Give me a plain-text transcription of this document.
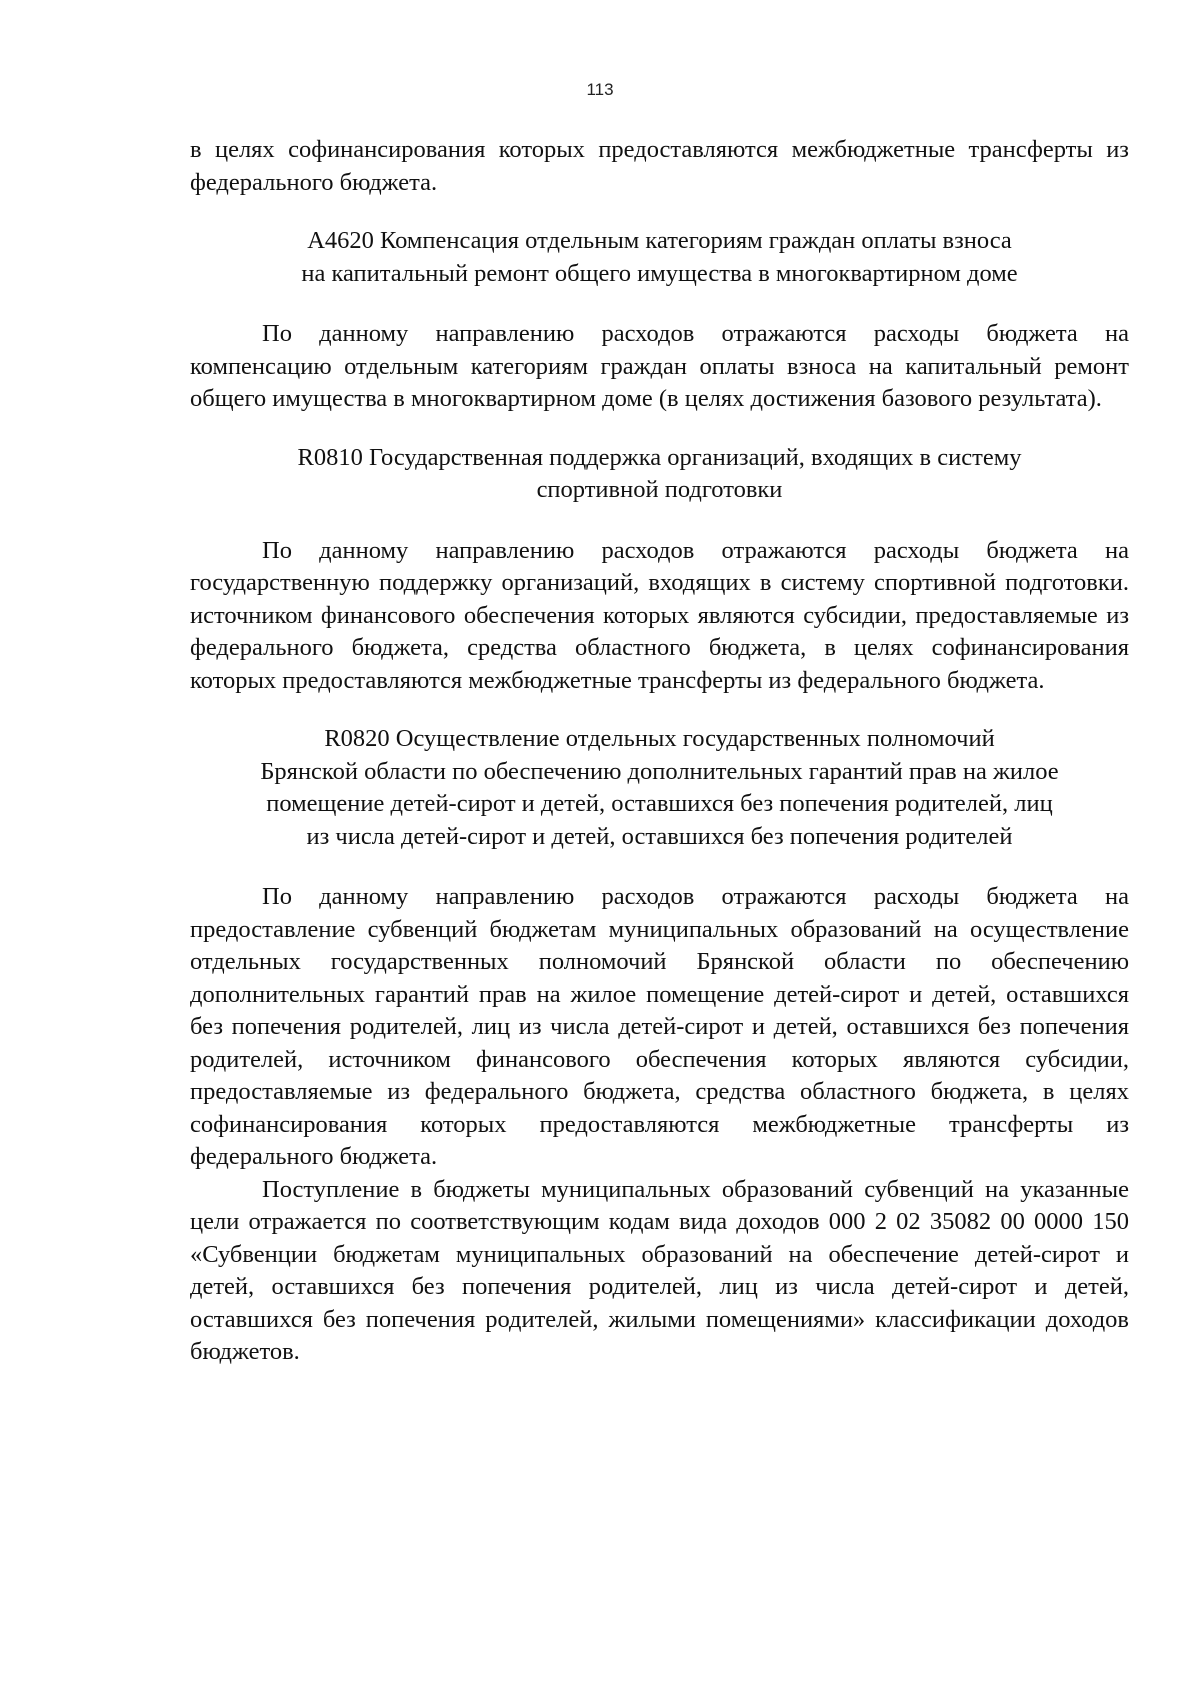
113

в целях софинансирования которых предоставляются межбюджетные трансферты из федерального бюджета.

А4620 Компенсация отдельным категориям граждан оплаты взноса
на капитальный ремонт общего имущества в многоквартирном доме

По данному направлению расходов отражаются расходы бюджета на компенсацию отдельным категориям граждан оплаты взноса на капитальный ремонт общего имущества в многоквартирном доме (в целях достижения базового результата).

R0810 Государственная поддержка организаций, входящих в систему
спортивной подготовки

По данному направлению расходов отражаются расходы бюджета на государственную поддержку организаций, входящих в систему спортивной подготовки. источником финансового обеспечения которых являются субсидии, предоставляемые из федерального бюджета, средства областного бюджета, в целях софинансирования которых предоставляются межбюджетные трансферты из федерального бюджета.

R0820 Осуществление отдельных государственных полномочий
Брянской области по обеспечению дополнительных гарантий прав на жилое
помещение детей-сирот и детей, оставшихся без попечения родителей, лиц
из числа детей-сирот и детей, оставшихся без попечения родителей

По данному направлению расходов отражаются расходы бюджета на предоставление субвенций бюджетам муниципальных образований на осуществление отдельных государственных полномочий Брянской области по обеспечению дополнительных гарантий прав на жилое помещение детей-сирот и детей, оставшихся без попечения родителей, лиц из числа детей-сирот и детей, оставшихся без попечения родителей, источником финансового обеспечения которых являются субсидии, предоставляемые из федерального бюджета, средства областного бюджета, в целях софинансирования которых предоставляются межбюджетные трансферты из федерального бюджета.

Поступление в бюджеты муниципальных образований субвенций на указанные цели отражается по соответствующим кодам вида доходов 000 2 02 35082 00 0000 150 «Субвенции бюджетам муниципальных образований на обеспечение детей-сирот и детей, оставшихся без попечения родителей, лиц из числа детей-сирот и детей, оставшихся без попечения родителей, жилыми помещениями» классификации доходов бюджетов.
